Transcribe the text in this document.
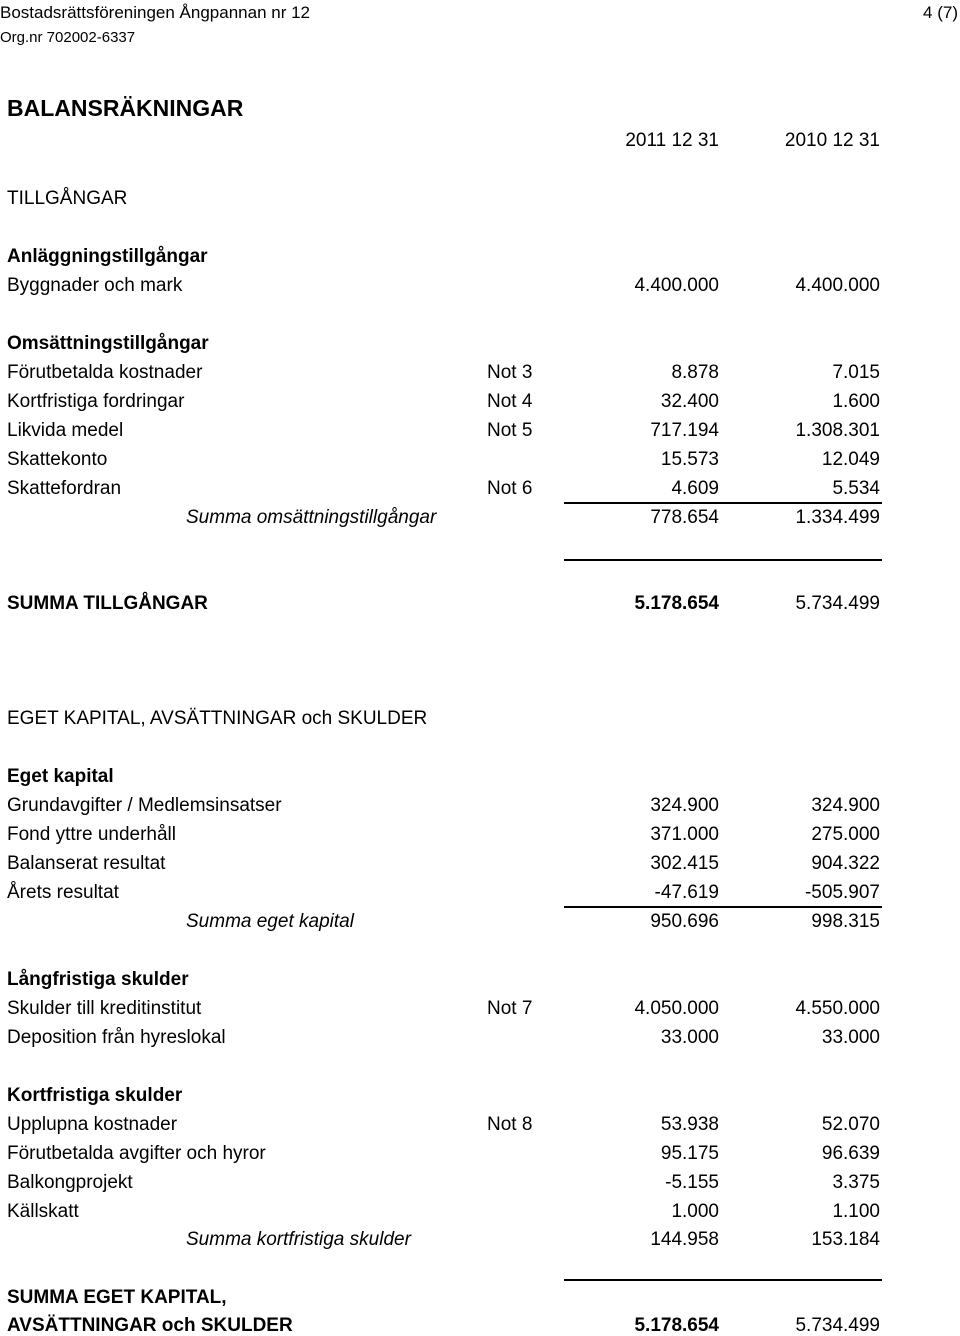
Bostadsrättsföreningen Ångpannan nr 12
Org.nr 702002-6337
4 (7)
BALANSRÄKNINGAR
2011 12 31	2010 12 31
TILLGÅNGAR
Anläggningstillgångar
Byggnader och mark	4.400.000	4.400.000
Omsättningstillgångar
Förutbetalda kostnader	Not 3	8.878	7.015
Kortfristiga fordringar	Not 4	32.400	1.600
Likvida medel	Not 5	717.194	1.308.301
Skattekonto	15.573	12.049
Skattefordran	Not 6	4.609	5.534
Summa omsättningstillgångar	778.654	1.334.499
SUMMA TILLGÅNGAR	5.178.654	5.734.499
EGET KAPITAL, AVSÄTTNINGAR och SKULDER
Eget kapital
Grundavgifter / Medlemsinsatser	324.900	324.900
Fond yttre underhåll	371.000	275.000
Balanserat resultat	302.415	904.322
Årets resultat	-47.619	-505.907
Summa eget kapital	950.696	998.315
Långfristiga skulder
Skulder till kreditinstitut	Not 7	4.050.000	4.550.000
Deposition från hyreslokal	33.000	33.000
Kortfristiga skulder
Upplupna kostnader	Not 8	53.938	52.070
Förutbetalda avgifter och hyror	95.175	96.639
Balkongprojekt	-5.155	3.375
Källskatt	1.000	1.100
Summa kortfristiga skulder	144.958	153.184
SUMMA EGET KAPITAL,
AVSÄTTNINGAR och SKULDER	5.178.654	5.734.499
